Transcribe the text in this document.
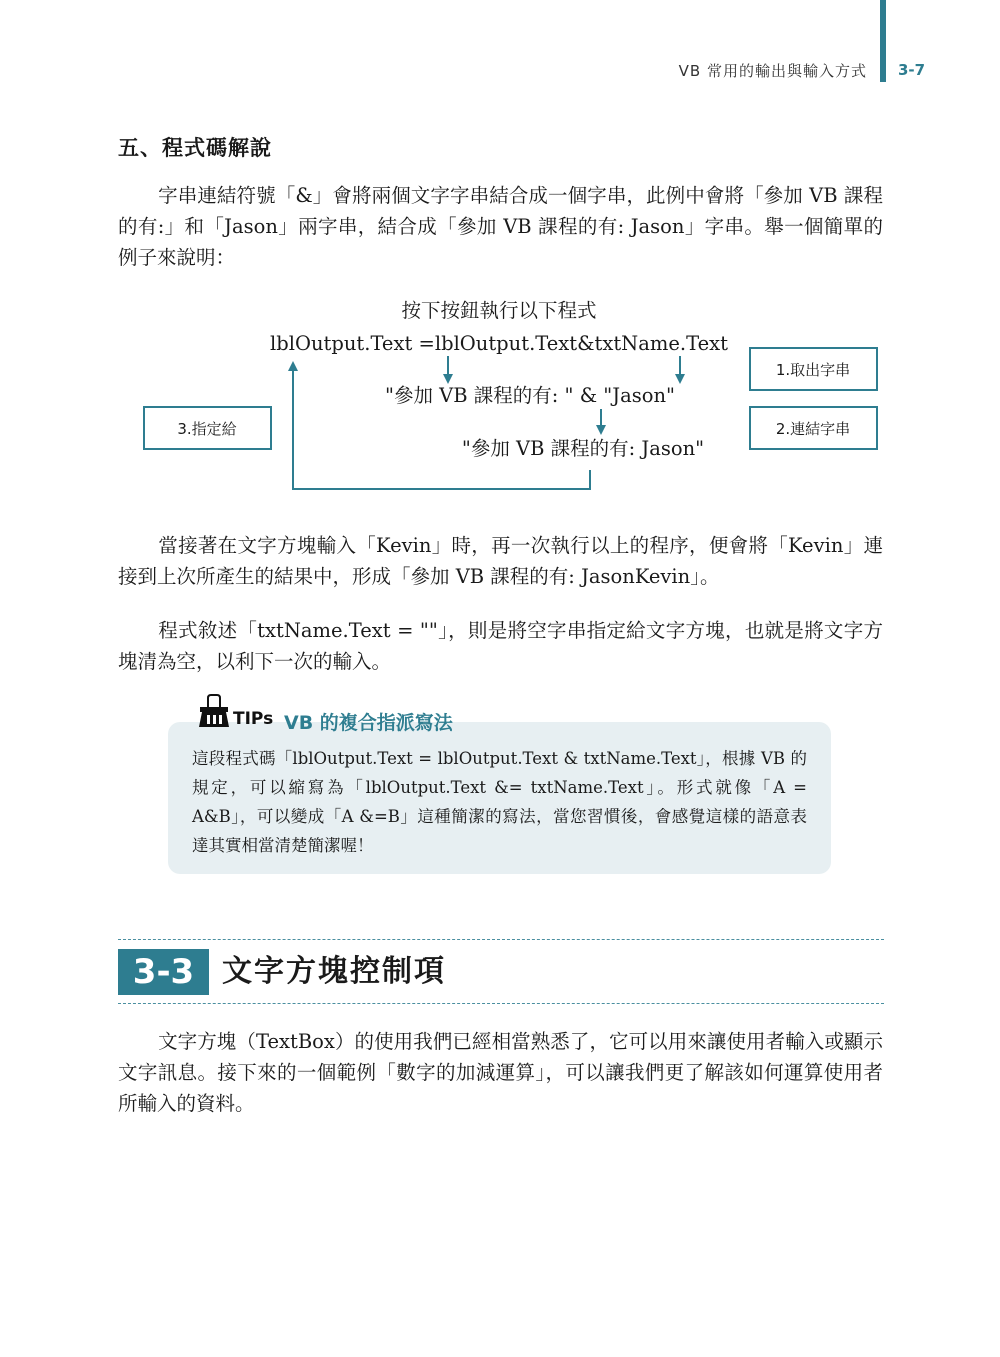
VB 常用的輸出與輸入方式 3-7
五、程式碼解說

字串連結符號「&」會將兩個文字字串結合成一個字串，此例中會將「參加 VB 課程的有:」和「Jason」兩字串，結合成「參加 VB 課程的有: Jason」字串。舉一個簡單的例子來說明：

按下按鈕執行以下程式
lblOutput.Text =lblOutput.Text&txtName.Text
"參加 VB 課程的有: " & "Jason"
"參加 VB 課程的有: Jason"
1.取出字串
2.連結字串
3.指定給

當接著在文字方塊輸入「Kevin」時，再一次執行以上的程序，便會將「Kevin」連接到上次所產生的結果中，形成「參加 VB 課程的有: JasonKevin」。

程式敘述「txtName.Text = ""」，則是將空字串指定給文字方塊，也就是將文字方塊清為空，以利下一次的輸入。

TIPs VB 的複合指派寫法

這段程式碼「lblOutput.Text = lblOutput.Text & txtName.Text」，根據 VB 的規定，可以縮寫為「lblOutput.Text &= txtName.Text」。形式就像「A = A&B」，可以變成「A &=B」這種簡潔的寫法，當您習慣後，會感覺這樣的語意表達其實相當清楚簡潔喔！

3-3 文字方塊控制項

文字方塊（TextBox）的使用我們已經相當熟悉了，它可以用來讓使用者輸入或顯示文字訊息。接下來的一個範例「數字的加減運算」，可以讓我們更了解該如何運算使用者所輸入的資料。
